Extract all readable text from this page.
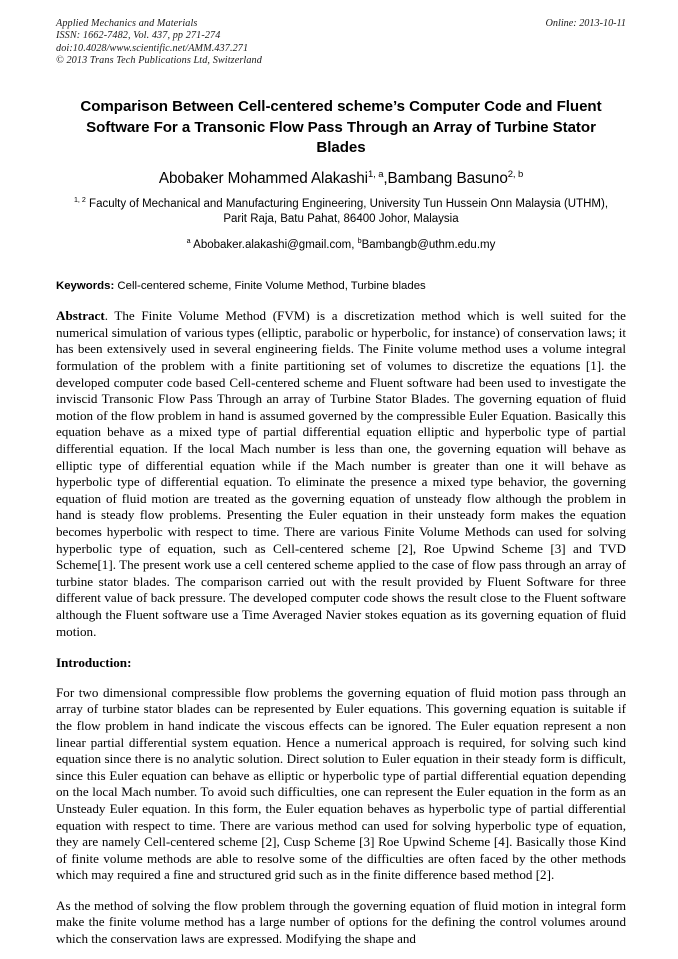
Applied Mechanics and Materials
ISSN: 1662-7482, Vol. 437, pp 271-274
doi:10.4028/www.scientific.net/AMM.437.271
© 2013 Trans Tech Publications Ltd, Switzerland
Online: 2013-10-11
Comparison Between Cell-centered scheme’s Computer Code and Fluent Software For a Transonic Flow Pass Through an Array of Turbine Stator Blades
Abobaker Mohammed Alakashi$^{1, a}$,Bambang Basuno$^{2, b}$
$^{1, 2}$ Faculty of Mechanical and Manufacturing Engineering, University Tun Hussein Onn Malaysia (UTHM), Parit Raja, Batu Pahat, 86400 Johor, Malaysia
$^a$ Abobaker.alakashi@gmail.com, $^b$Bambangb@uthm.edu.my
Keywords: Cell-centered scheme, Finite Volume Method, Turbine blades

Abstract. The Finite Volume Method (FVM) is a discretization method which is well suited for the numerical simulation of various types (elliptic, parabolic or hyperbolic, for instance) of conservation laws; it has been extensively used in several engineering fields. The Finite volume method uses a volume integral formulation of the problem with a finite partitioning set of volumes to discretize the equations [1]. the developed computer code based Cell-centered scheme and Fluent software had been used to investigate the inviscid Transonic Flow Pass Through an array of Turbine Stator Blades. The governing equation of fluid motion of the flow problem in hand is assumed governed by the compressible Euler Equation. Basically this equation behave as a mixed type of partial differential equation elliptic and hyperbolic type of partial differential equation. If the local Mach number is less than one, the governing equation will behave as elliptic type of differential equation while if the Mach number is greater than one it will behave as hyperbolic type of differential equation. To eliminate the presence a mixed type behavior, the governing equation of fluid motion are treated as the governing equation of unsteady flow although the problem in hand is steady flow problems. Presenting the Euler equation in their unsteady form makes the equation becomes hyperbolic with respect to time. There are various Finite Volume Methods can used for solving hyperbolic type of equation, such as Cell-centered scheme [2], Roe Upwind Scheme [3] and TVD Scheme[1]. The present work use a cell centered scheme applied to the case of flow pass through an array of turbine stator blades. The comparison carried out with the result provided by Fluent Software for three different value of back pressure. The developed computer code shows the result close to the Fluent software although the Fluent software use a Time Averaged Navier stokes equation as its governing equation of fluid motion.

Introduction:

For two dimensional compressible flow problems the governing equation of fluid motion pass through an array of turbine stator blades can be represented by Euler equations. This governing equation is suitable if the flow problem in hand indicate the viscous effects can be ignored. The Euler equation represent a non linear partial differential system equation. Hence a numerical approach is required, for solving such kind equation since there is no analytic solution. Direct solution to Euler equation in their steady form is difficult, since this Euler equation can behave as elliptic or hyperbolic type of partial differential equation depending on the local Mach number. To avoid such difficulties, one can represent the Euler equation in the form as an Unsteady Euler equation. In this form, the Euler equation behaves as hyperbolic type of partial differential equation with respect to time. There are various method can used for solving hyperbolic type of equation, they are namely Cell-centered scheme [2], Cusp Scheme [3] Roe Upwind Scheme [4]. Basically those Kind of finite volume methods are able to resolve some of the difficulties are often faced by the other methods which may required a fine and structured grid such as in the finite difference based method [2].

As the method of solving the flow problem through the governing equation of fluid motion in integral form make the finite volume method has a large number of options for the defining the control volumes around which the conservation laws are expressed. Modifying the shape and
